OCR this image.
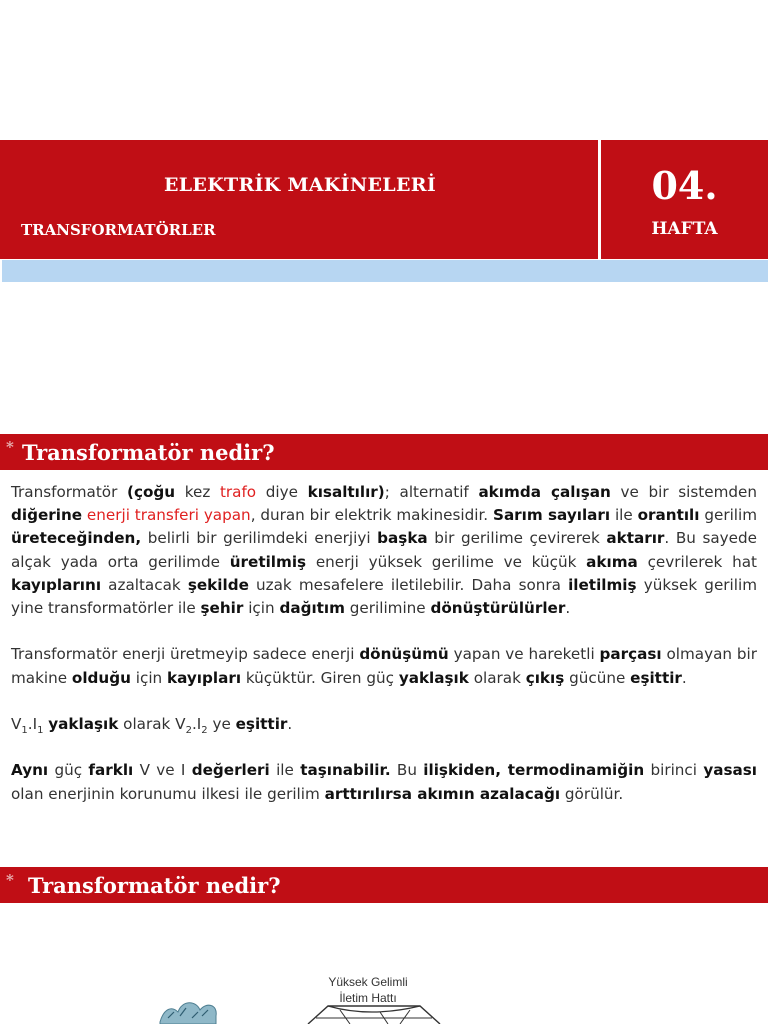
ELEKTRİK MAKİNELERİ
TRANSFORMATÖRLER
04.
HAFTA
* Transformatör nedir?

Transformatör (çoğu kez trafo diye kısaltılır); alternatif akımda çalışan ve bir sistemden diğerine enerji transferi yapan, duran bir elektrik makinesidir. Sarım sayıları ile orantılı gerilim üreteceğinden, belirli bir gerilimdeki enerjiyi başka bir gerilime çevirerek aktarır. Bu sayede alçak yada orta gerilimde üretilmiş enerji yüksek gerilime ve küçük akıma çevrilerek hat kayıplarını azaltacak şekilde uzak mesafelere iletilebilir. Daha sonra iletilmiş yüksek gerilim yine transformatörler ile şehir için dağıtım gerilimine dönüştürülürler.

Transformatör enerji üretmeyip sadece enerji dönüşümü yapan ve hareketli parçası olmayan bir makine olduğu için kayıpları küçüktür. Giren güç yaklaşık olarak çıkış gücüne eşittir.

$V_1.I_1$ yaklaşık olarak $V_2.I_2$ ye eşittir.

Aynı güç farklı V ve I değerleri ile taşınabilir. Bu ilişkiden, termodinamiğin birinci yasası olan enerjinin korunumu ilkesi ile gerilim arttırılırsa akımın azalacağı görülür.

* Transformatör nedir?
Yüksek Gelimli
İletim Hattı
